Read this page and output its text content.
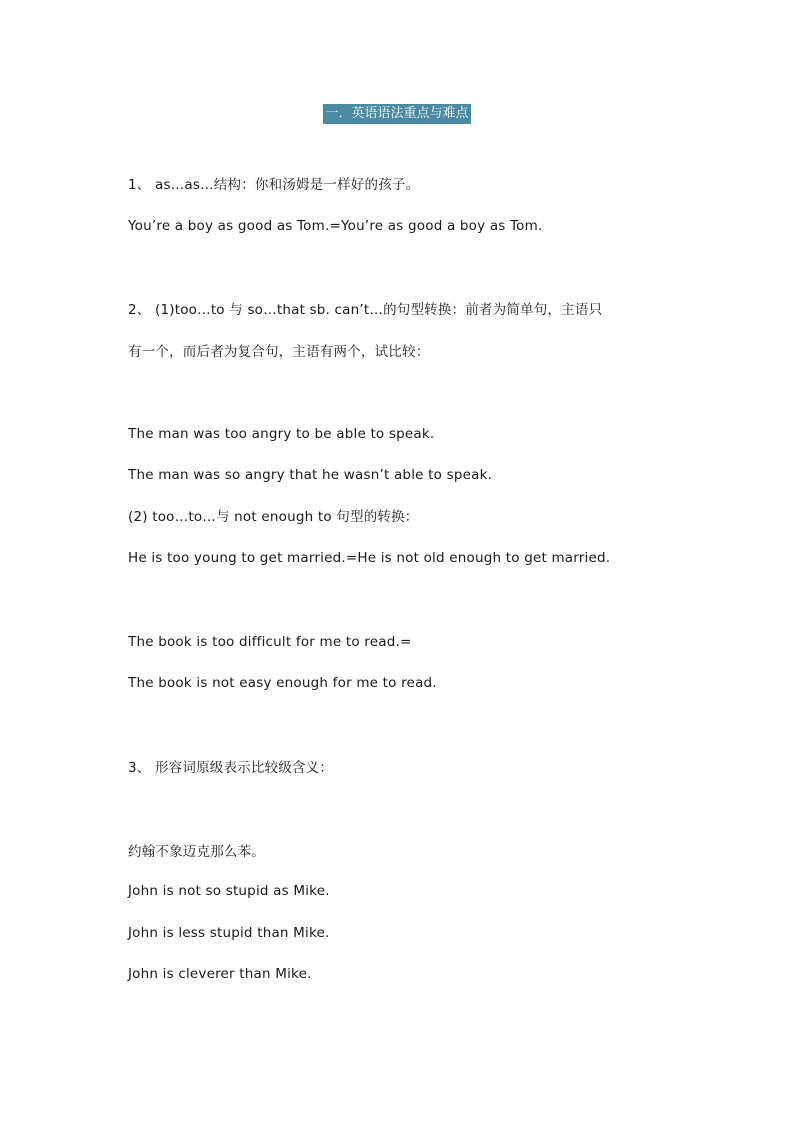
一．英语语法重点与难点
1、 as…as…结构：你和汤姆是一样好的孩子。
You’re a boy as good as Tom.=You’re as good a boy as Tom.
2、 (1)too…to 与 so…that sb. can’t…的句型转换：前者为简单句，主语只
有一个，而后者为复合句，主语有两个，试比较：
The man was too angry to be able to speak.
The man was so angry that he wasn’t able to speak.
(2) too…to…与 not enough to 句型的转换：
He is too young to get married.=He is not old enough to get married.
The book is too difficult for me to read.=
The book is not easy enough for me to read.
3、 形容词原级表示比较级含义：
约翰不象迈克那么苯。
John is not so stupid as Mike.
John is less stupid than Mike.
John is cleverer than Mike.
